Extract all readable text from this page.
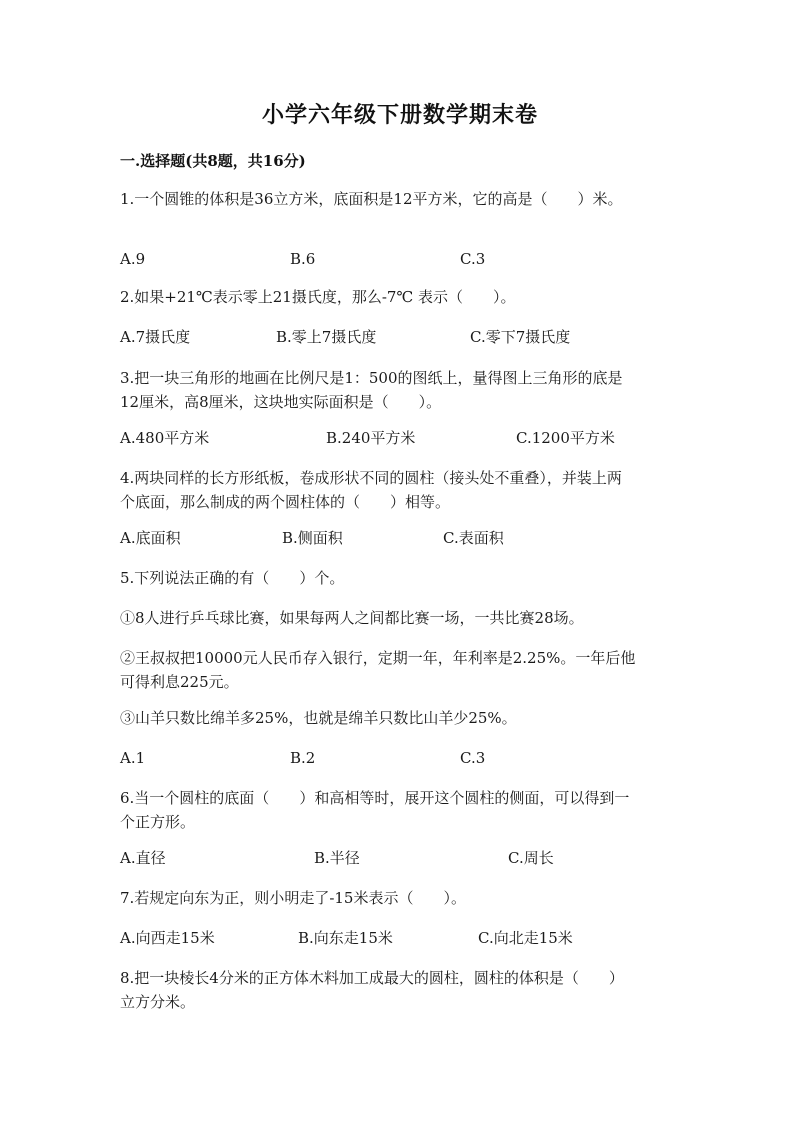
小学六年级下册数学期末卷
一.选择题(共8题，共16分)
1.一个圆锥的体积是36立方米，底面积是12平方米，它的高是（　　）米。
A.9	B.6	C.3
2.如果+21℃表示零上21摄氏度，那么-7℃ 表示（　　）。
A.7摄氏度	B.零上7摄氏度	C.零下7摄氏度
3.把一块三角形的地画在比例尺是1：500的图纸上，量得图上三角形的底是
12厘米，高8厘米，这块地实际面积是（　　）。
A.480平方米	B.240平方米	C.1200平方米
4.两块同样的长方形纸板，卷成形状不同的圆柱（接头处不重叠），并装上两
个底面，那么制成的两个圆柱体的（　　）相等。
A.底面积	B.侧面积	C.表面积
5.下列说法正确的有（　　）个。
①8人进行乒乓球比赛，如果每两人之间都比赛一场，一共比赛28场。
②王叔叔把10000元人民币存入银行，定期一年，年利率是2.25%。一年后他
可得利息225元。
③山羊只数比绵羊多25%，也就是绵羊只数比山羊少25%。
A.1	B.2	C.3
6.当一个圆柱的底面（　　）和高相等时，展开这个圆柱的侧面，可以得到一
个正方形。
A.直径	B.半径	C.周长
7.若规定向东为正，则小明走了-15米表示（　　）。
A.向西走15米	B.向东走15米	C.向北走15米
8.把一块棱长4分米的正方体木料加工成最大的圆柱，圆柱的体积是（　　）
立方分米。
